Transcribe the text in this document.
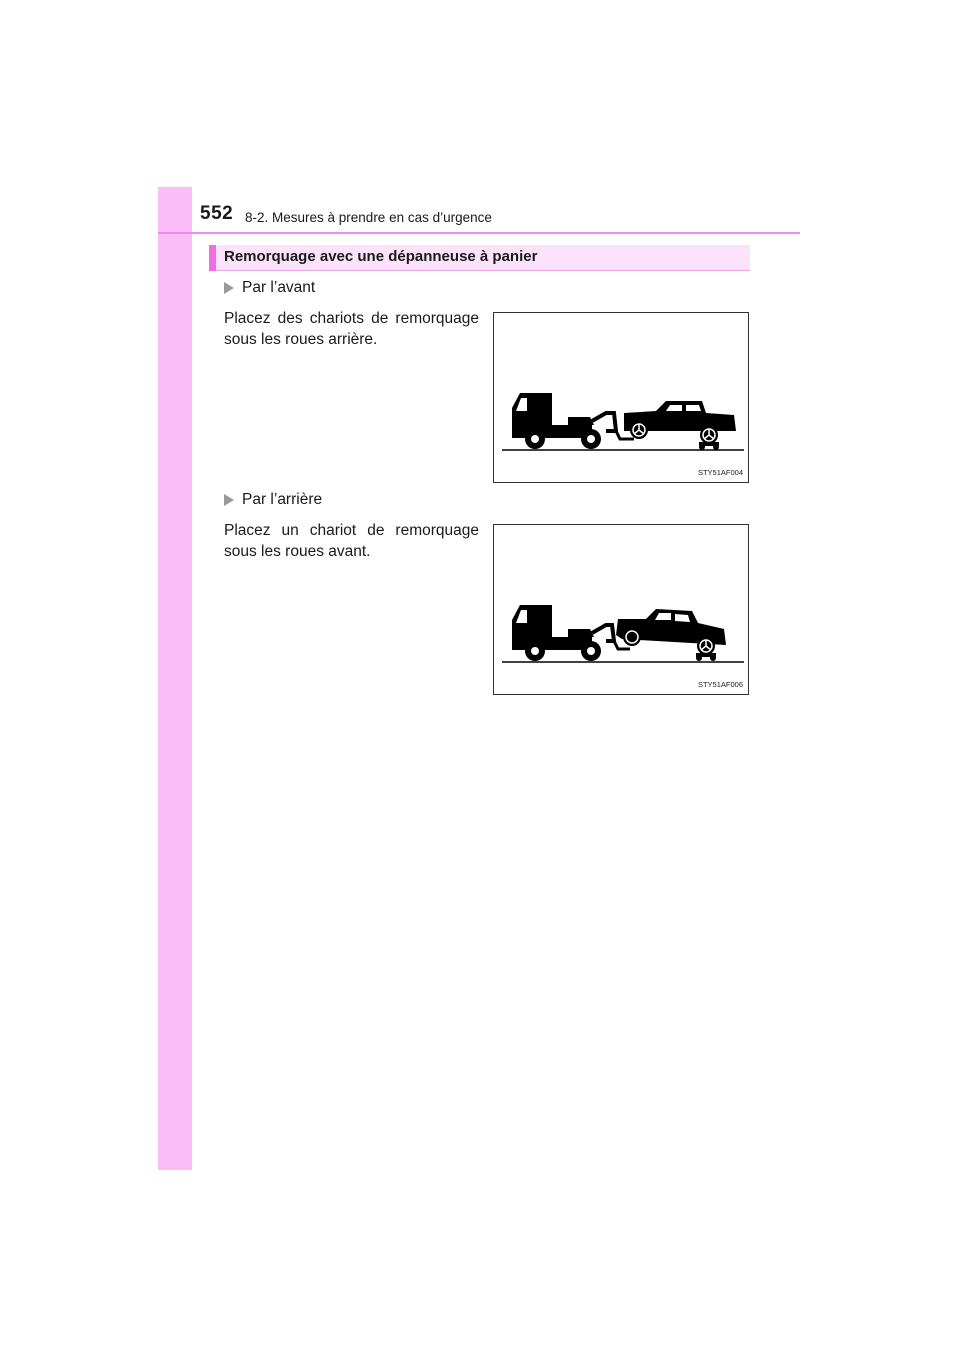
552 8-2. Mesures à prendre en cas d’urgence
Remorquage avec une dépanneuse à panier
Par l’avant
Placez des chariots de remorquage sous les roues arrière.
STY51AF004
Par l’arrière
Placez un chariot de remorquage sous les roues avant.
STY51AF006
